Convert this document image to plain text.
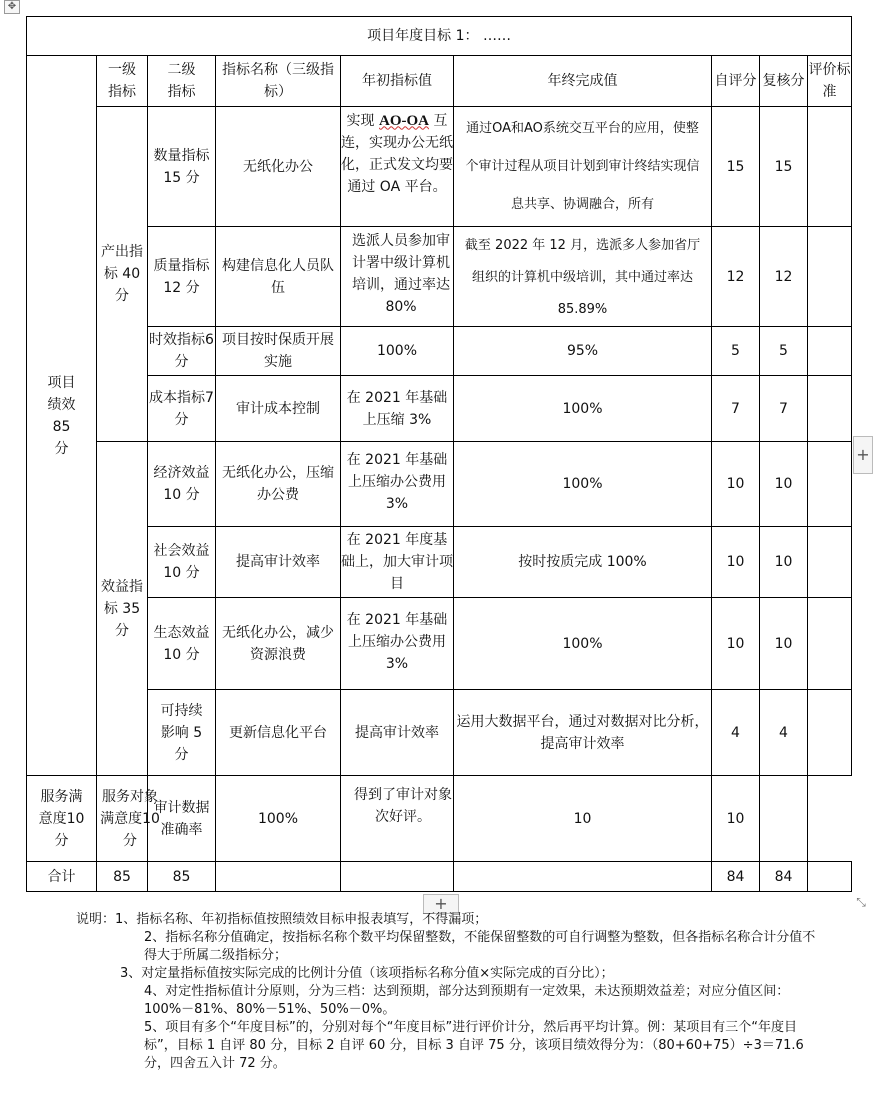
✥
项目年度目标 1： ……								

项目绩效85 分	一级指标	二级指标	指标名称（三级指标）	年初指标值	年终完成值	自评分	复核分	评价标准

	产出指标 40 分	数量指标15 分	无纸化办公	实现 AO-OA 互连，实现办公无纸化，正式发文均要通过 OA 平台。	通过OA和AO系统交互平台的应用，使整个审计过程从项目计划到审计终结实现信息共享、协调融合，所有	15	15	
		质量指标12 分	构建信息化人员队伍	选派人员参加审计署中级计算机培训，通过率达 80%	截至 2022 年 12 月，选派多人参加省厅组织的计算机中级培训，其中通过率达 85.89%	12	12	
		时效指标6 分	项目按时保质开展实施	100%	95%	5	5	
		成本指标7 分	审计成本控制	在 2021 年基础上压缩 3%	100%	7	7	

	效益指标 35 分	经济效益10 分	无纸化办公，压缩办公费	在 2021 年基础上压缩办公费用3%	100%	10	10	
		社会效益10 分	提高审计效率	在 2021 年度基础上，加大审计项目	按时按质完成 100%	10	10	
		生态效益10 分	无纸化办公，减少资源浪费	在 2021 年基础上压缩办公费用3%	100%	10	10	

		可持续影响 5 分	更新信息化平台	提高审计效率	运用大数据平台，通过对数据对比分析，提高审计效率	4	4	

服务满意度10 分	服务对象满意度10 分	审计数据准确率	100%	得到了审计对象次好评。	10	10		
合计	85	85				84	84	
+
+	⤡

说明：1、指标名称、年初指标值按照绩效目标申报表填写，不得漏项；

2、指标名称分值确定，按指标名称个数平均保留整数，不能保留整数的可自行调整为整数，但各指标名称合计分值不得大于所属二级指标分；

3、对定量指标值按实际完成的比例计分值（该项指标名称分值×实际完成的百分比）；

4、对定性指标值计分原则，分为三档：达到预期，部分达到预期有一定效果，未达预期效益差；对应分值区间：100%－81%、80%－51%、50%－0%。

5、项目有多个“年度目标”的，分别对每个“年度目标”进行评价计分，然后再平均计算。例：某项目有三个“年度目标”，目标 1 自评 80 分，目标 2 自评 60 分，目标 3 自评 75 分，该项目绩效得分为：（80+60+75）÷3＝71.6 分，四舍五入计 72 分。
